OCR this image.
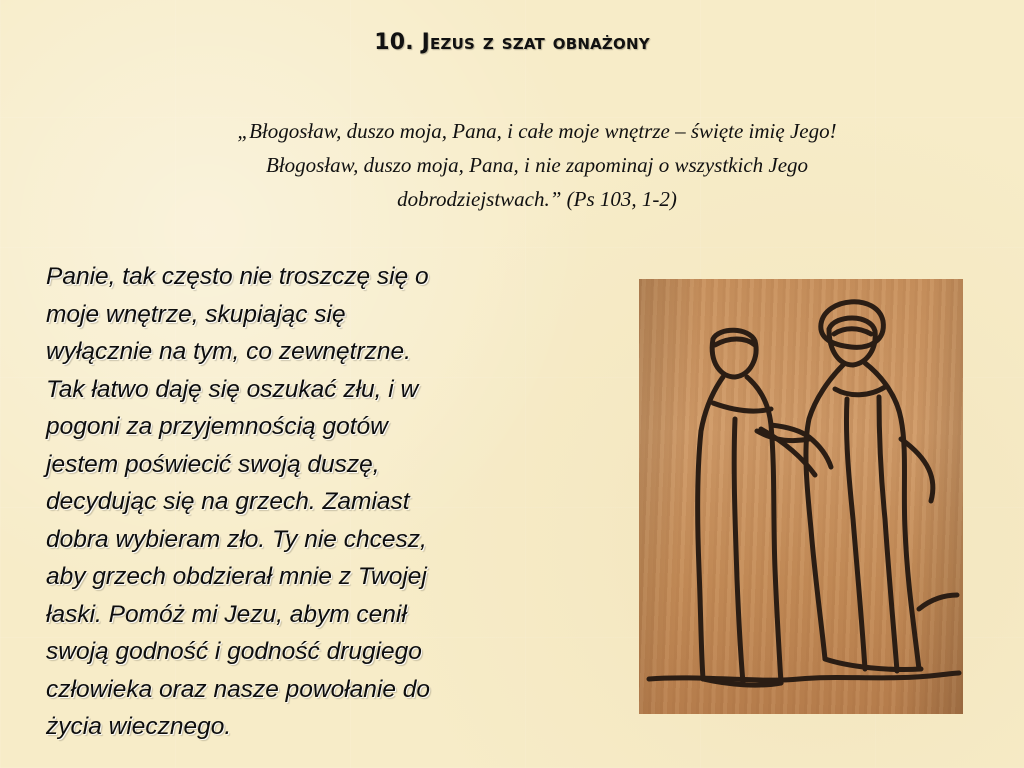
10. Jezus z szat obnażony
„Błogosław, duszo moja, Pana, i całe moje wnętrze – święte imię Jego!
Błogosław, duszo moja, Pana, i nie zapominaj o wszystkich Jego
dobrodziejstwach.” (Ps 103, 1-2)
Panie, tak często nie troszczę się o
moje wnętrze, skupiając się
wyłącznie na tym, co zewnętrzne.
Tak łatwo daję się oszukać złu, i w
pogoni za przyjemnością gotów
jestem poświecić swoją duszę,
decydując się na grzech. Zamiast
dobra wybieram zło. Ty nie chcesz,
aby grzech obdzierał mnie z Twojej
łaski. Pomóż mi Jezu, abym cenił
swoją godność i godność drugiego
człowieka oraz nasze powołanie do
życia wiecznego.
